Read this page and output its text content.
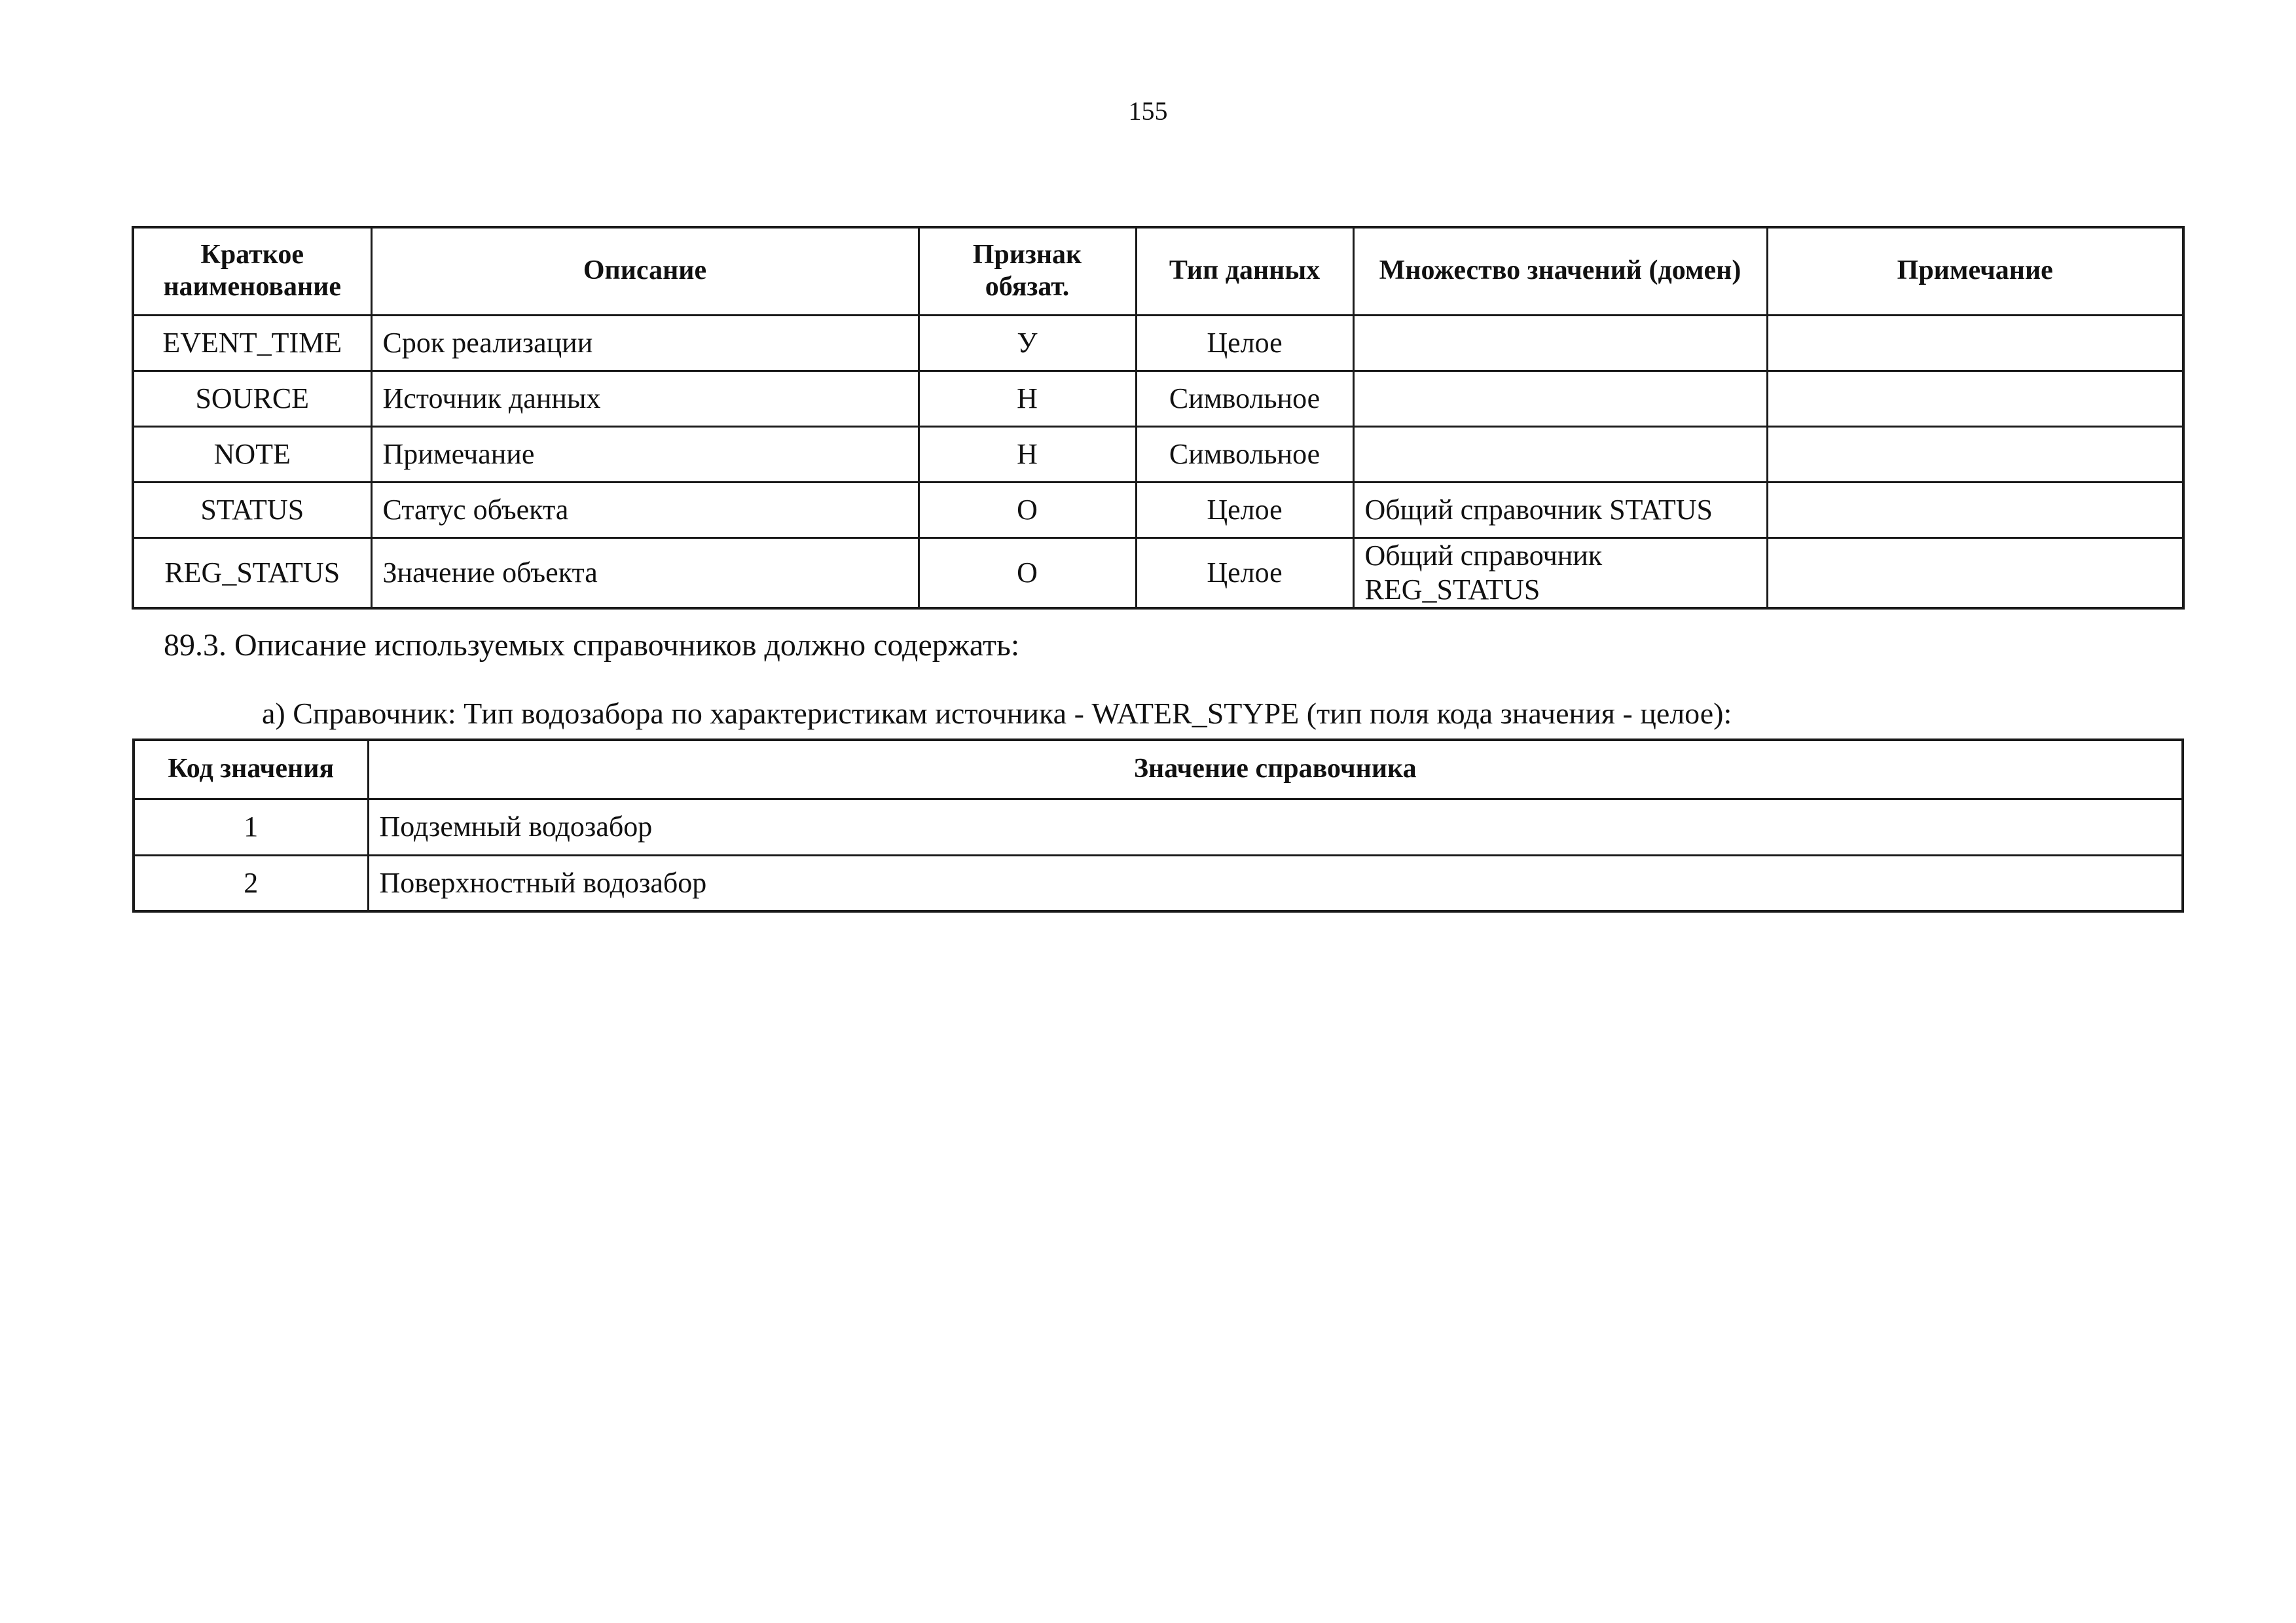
155
Краткое наименование	Описание	Признак обязат.	Тип данных	Множество значений (домен)	Примечание
EVENT_TIME	Срок реализации	У	Целое		
SOURCE	Источник данных	Н	Символьное		
NOTE	Примечание	Н	Символьное		
STATUS	Статус объекта	О	Целое	Общий справочник STATUS	
REG_STATUS	Значение объекта	О	Целое	Общий справочник REG_STATUS	
89.3. Описание используемых справочников должно содержать:
а) Справочник: Тип водозабора по характеристикам источника - WATER_STYPE (тип поля кода значения - целое):
Код значения	Значение справочника
1	Подземный водозабор
2	Поверхностный водозабор
